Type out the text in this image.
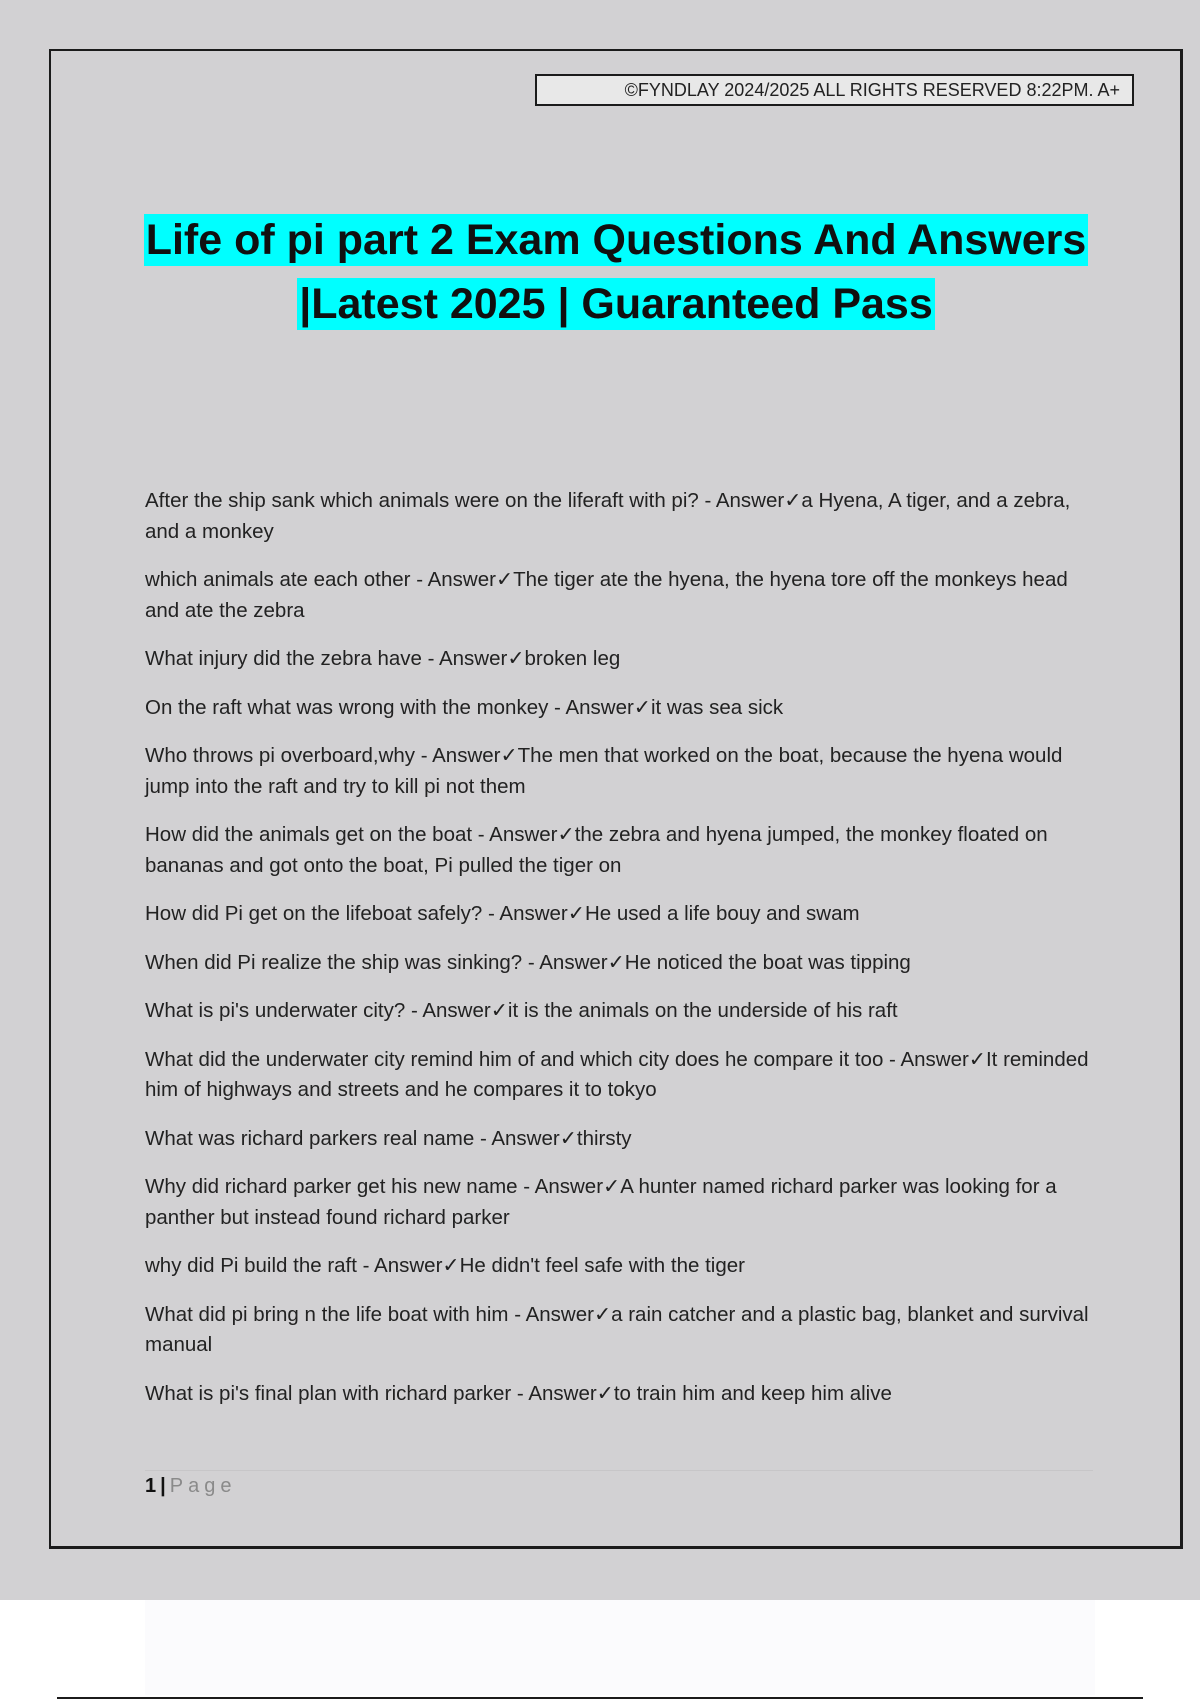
©FYNDLAY 2024/2025 ALL RIGHTS RESERVED 8:22PM. A+
Life of pi part 2 Exam Questions And Answers
|Latest 2025 | Guaranteed Pass
After the ship sank which animals were on the liferaft with pi? - Answer✓a Hyena, A tiger, and a zebra, and a monkey
which animals ate each other - Answer✓The tiger ate the hyena, the hyena tore off the monkeys head and ate the zebra
What injury did the zebra have - Answer✓broken leg
On the raft what was wrong with the monkey - Answer✓it was sea sick
Who throws pi overboard,why - Answer✓The men that worked on the boat, because the hyena would jump into the raft and try to kill pi not them
How did the animals get on the boat - Answer✓the zebra and hyena jumped, the monkey floated on bananas and got onto the boat, Pi pulled the tiger on
How did Pi get on the lifeboat safely? - Answer✓He used a life bouy and swam
When did Pi realize the ship was sinking? - Answer✓He noticed the boat was tipping
What is pi's underwater city? - Answer✓it is the animals on the underside of his raft
What did the underwater city remind him of and which city does he compare it too - Answer✓It reminded him of highways and streets and he compares it to tokyo
What was richard parkers real name - Answer✓thirsty
Why did richard parker get his new name - Answer✓A hunter named richard parker was looking for a panther but instead found richard parker
why did Pi build the raft - Answer✓He didn't feel safe with the tiger
What did pi bring n the life boat with him - Answer✓a rain catcher and a plastic bag, blanket and survival manual
What is pi's final plan with richard parker - Answer✓to train him and keep him alive
1 | Page
